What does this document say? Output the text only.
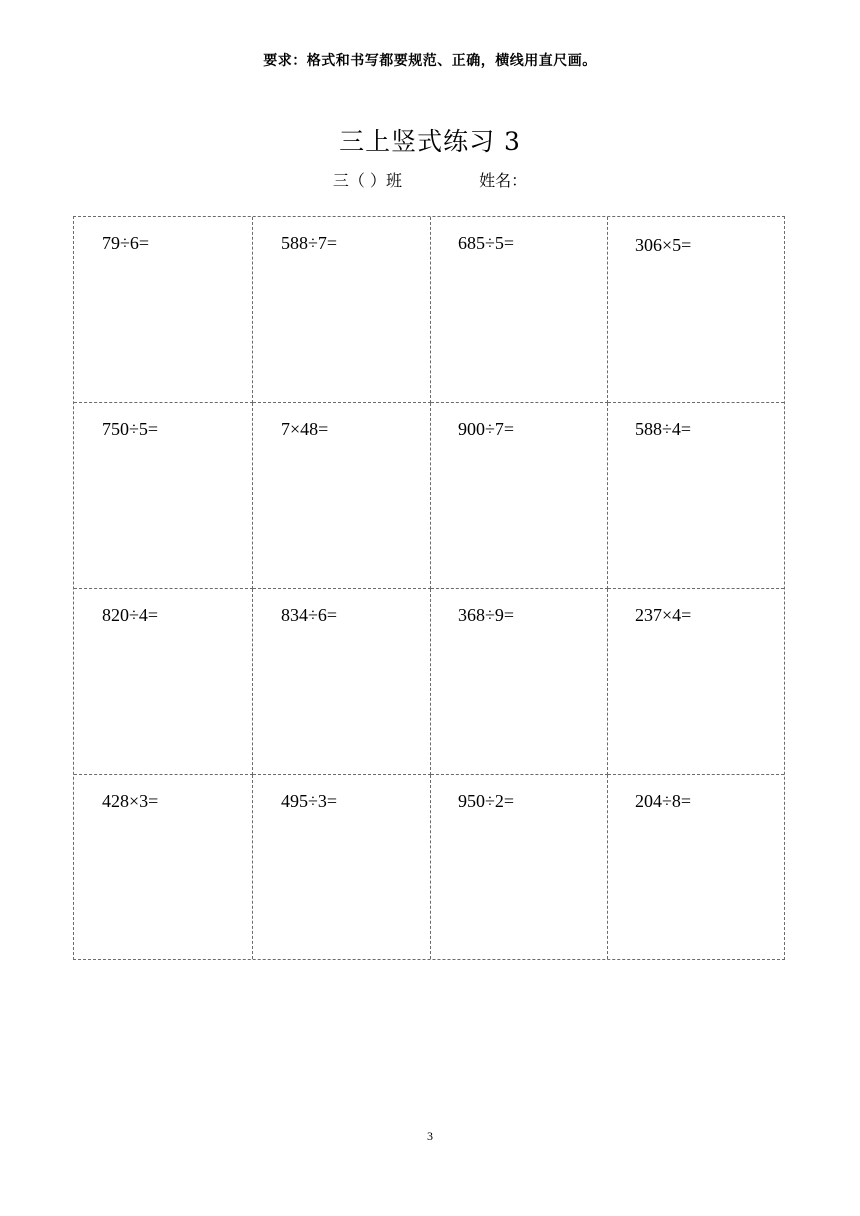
要求：格式和书写都要规范、正确，横线用直尺画。
三上竖式练习 3
三（ ）班	姓名：
79÷6=	588÷7=	685÷5=	306×5=
750÷5=	7×48=	900÷7=	588÷4=
820÷4=	834÷6=	368÷9=	237×4=
428×3=	495÷3=	950÷2=	204÷8=
3
